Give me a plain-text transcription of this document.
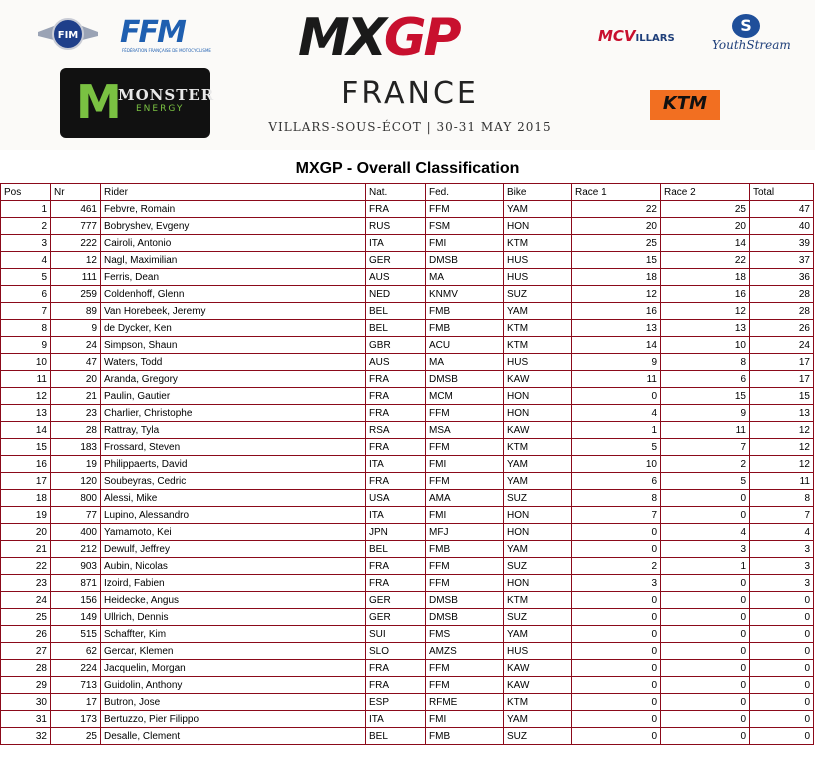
FIM FFM
FÉDÉRATION FRANÇAISE DE MOTOCYCLISME MXGP
FRANCE
VILLARS-SOUS-ÉCOT | 30-31 MAY 2015
M
MONSTER
ENERGY
MCVILLARS
S
YouthStream
KTM
MXGP - Overall Classification
Pos	Nr	Rider	Nat.	Fed.	Bike	Race 1	Race 2	Total
1	461	Febvre, Romain	FRA	FFM	YAM	22	25	47
2	777	Bobryshev, Evgeny	RUS	FSM	HON	20	20	40
3	222	Cairoli, Antonio	ITA	FMI	KTM	25	14	39
4	12	Nagl, Maximilian	GER	DMSB	HUS	15	22	37
5	111	Ferris, Dean	AUS	MA	HUS	18	18	36
6	259	Coldenhoff, Glenn	NED	KNMV	SUZ	12	16	28
7	89	Van Horebeek, Jeremy	BEL	FMB	YAM	16	12	28
8	9	de Dycker, Ken	BEL	FMB	KTM	13	13	26
9	24	Simpson, Shaun	GBR	ACU	KTM	14	10	24
10	47	Waters, Todd	AUS	MA	HUS	9	8	17
11	20	Aranda, Gregory	FRA	DMSB	KAW	11	6	17
12	21	Paulin, Gautier	FRA	MCM	HON	0	15	15
13	23	Charlier, Christophe	FRA	FFM	HON	4	9	13
14	28	Rattray, Tyla	RSA	MSA	KAW	1	11	12
15	183	Frossard, Steven	FRA	FFM	KTM	5	7	12
16	19	Philippaerts, David	ITA	FMI	YAM	10	2	12
17	120	Soubeyras, Cedric	FRA	FFM	YAM	6	5	11
18	800	Alessi, Mike	USA	AMA	SUZ	8	0	8
19	77	Lupino, Alessandro	ITA	FMI	HON	7	0	7
20	400	Yamamoto, Kei	JPN	MFJ	HON	0	4	4
21	212	Dewulf, Jeffrey	BEL	FMB	YAM	0	3	3
22	903	Aubin, Nicolas	FRA	FFM	SUZ	2	1	3
23	871	Izoird, Fabien	FRA	FFM	HON	3	0	3
24	156	Heidecke, Angus	GER	DMSB	KTM	0	0	0
25	149	Ullrich, Dennis	GER	DMSB	SUZ	0	0	0
26	515	Schaffter, Kim	SUI	FMS	YAM	0	0	0
27	62	Gercar, Klemen	SLO	AMZS	HUS	0	0	0
28	224	Jacquelin, Morgan	FRA	FFM	KAW	0	0	0
29	713	Guidolin, Anthony	FRA	FFM	KAW	0	0	0
30	17	Butron, Jose	ESP	RFME	KTM	0	0	0
31	173	Bertuzzo, Pier Filippo	ITA	FMI	YAM	0	0	0
32	25	Desalle, Clement	BEL	FMB	SUZ	0	0	0
